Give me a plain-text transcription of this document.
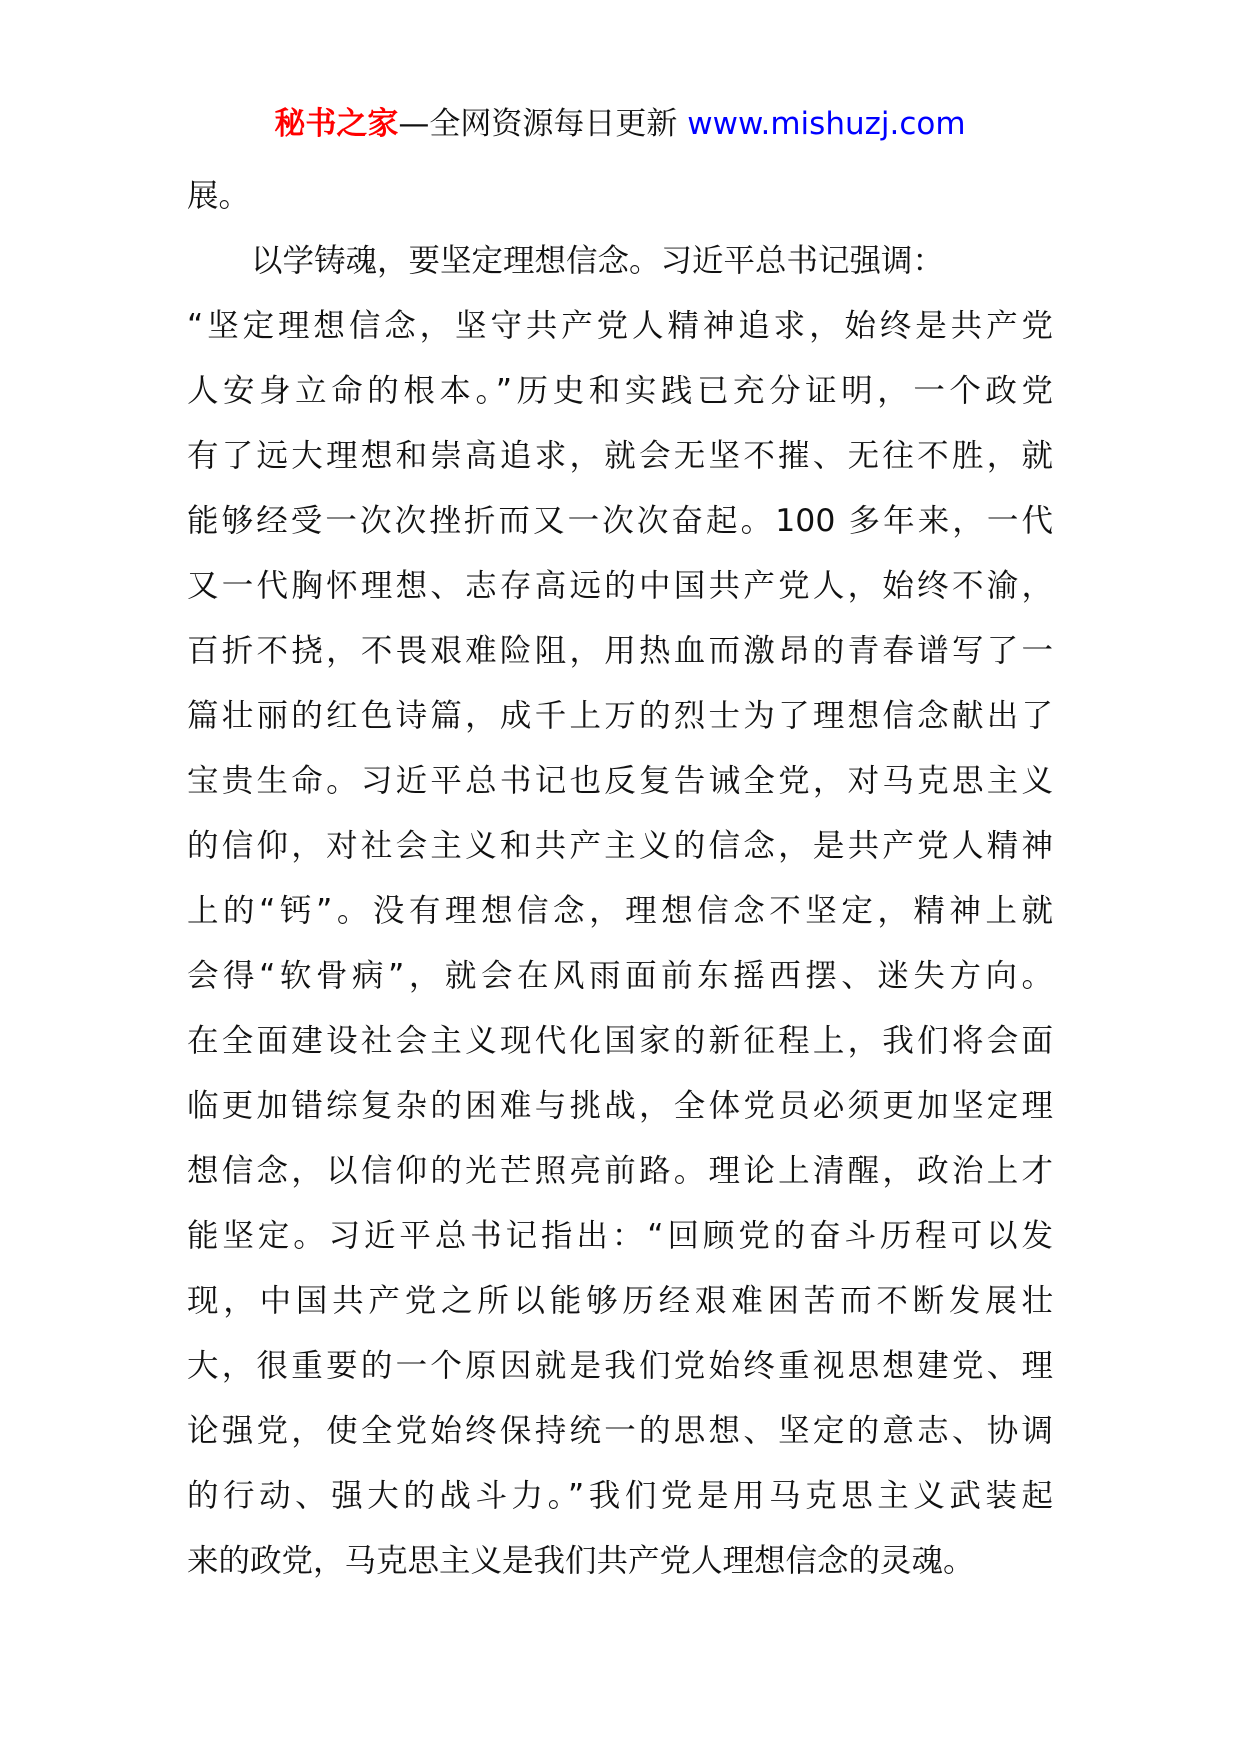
秘书之家—全网资源每日更新 www.mishuzj.com
展。
以学铸魂，要坚定理想信念。习近平总书记强调：
“坚定理想信念，坚守共产党人精神追求，始终是共产党
人安身立命的根本。”历史和实践已充分证明，一个政党
有了远大理想和崇高追求，就会无坚不摧、无往不胜，就
能够经受一次次挫折而又一次次奋起。100 多年来，一代
又一代胸怀理想、志存高远的中国共产党人，始终不渝，
百折不挠，不畏艰难险阻，用热血而激昂的青春谱写了一
篇壮丽的红色诗篇，成千上万的烈士为了理想信念献出了
宝贵生命。习近平总书记也反复告诫全党，对马克思主义
的信仰，对社会主义和共产主义的信念，是共产党人精神
上的“钙”。没有理想信念，理想信念不坚定，精神上就
会得“软骨病”，就会在风雨面前东摇西摆、迷失方向。
在全面建设社会主义现代化国家的新征程上，我们将会面
临更加错综复杂的困难与挑战，全体党员必须更加坚定理
想信念，以信仰的光芒照亮前路。理论上清醒，政治上才
能坚定。习近平总书记指出：“回顾党的奋斗历程可以发
现，中国共产党之所以能够历经艰难困苦而不断发展壮
大，很重要的一个原因就是我们党始终重视思想建党、理
论强党，使全党始终保持统一的思想、坚定的意志、协调
的行动、强大的战斗力。”我们党是用马克思主义武装起
来的政党，马克思主义是我们共产党人理想信念的灵魂。
